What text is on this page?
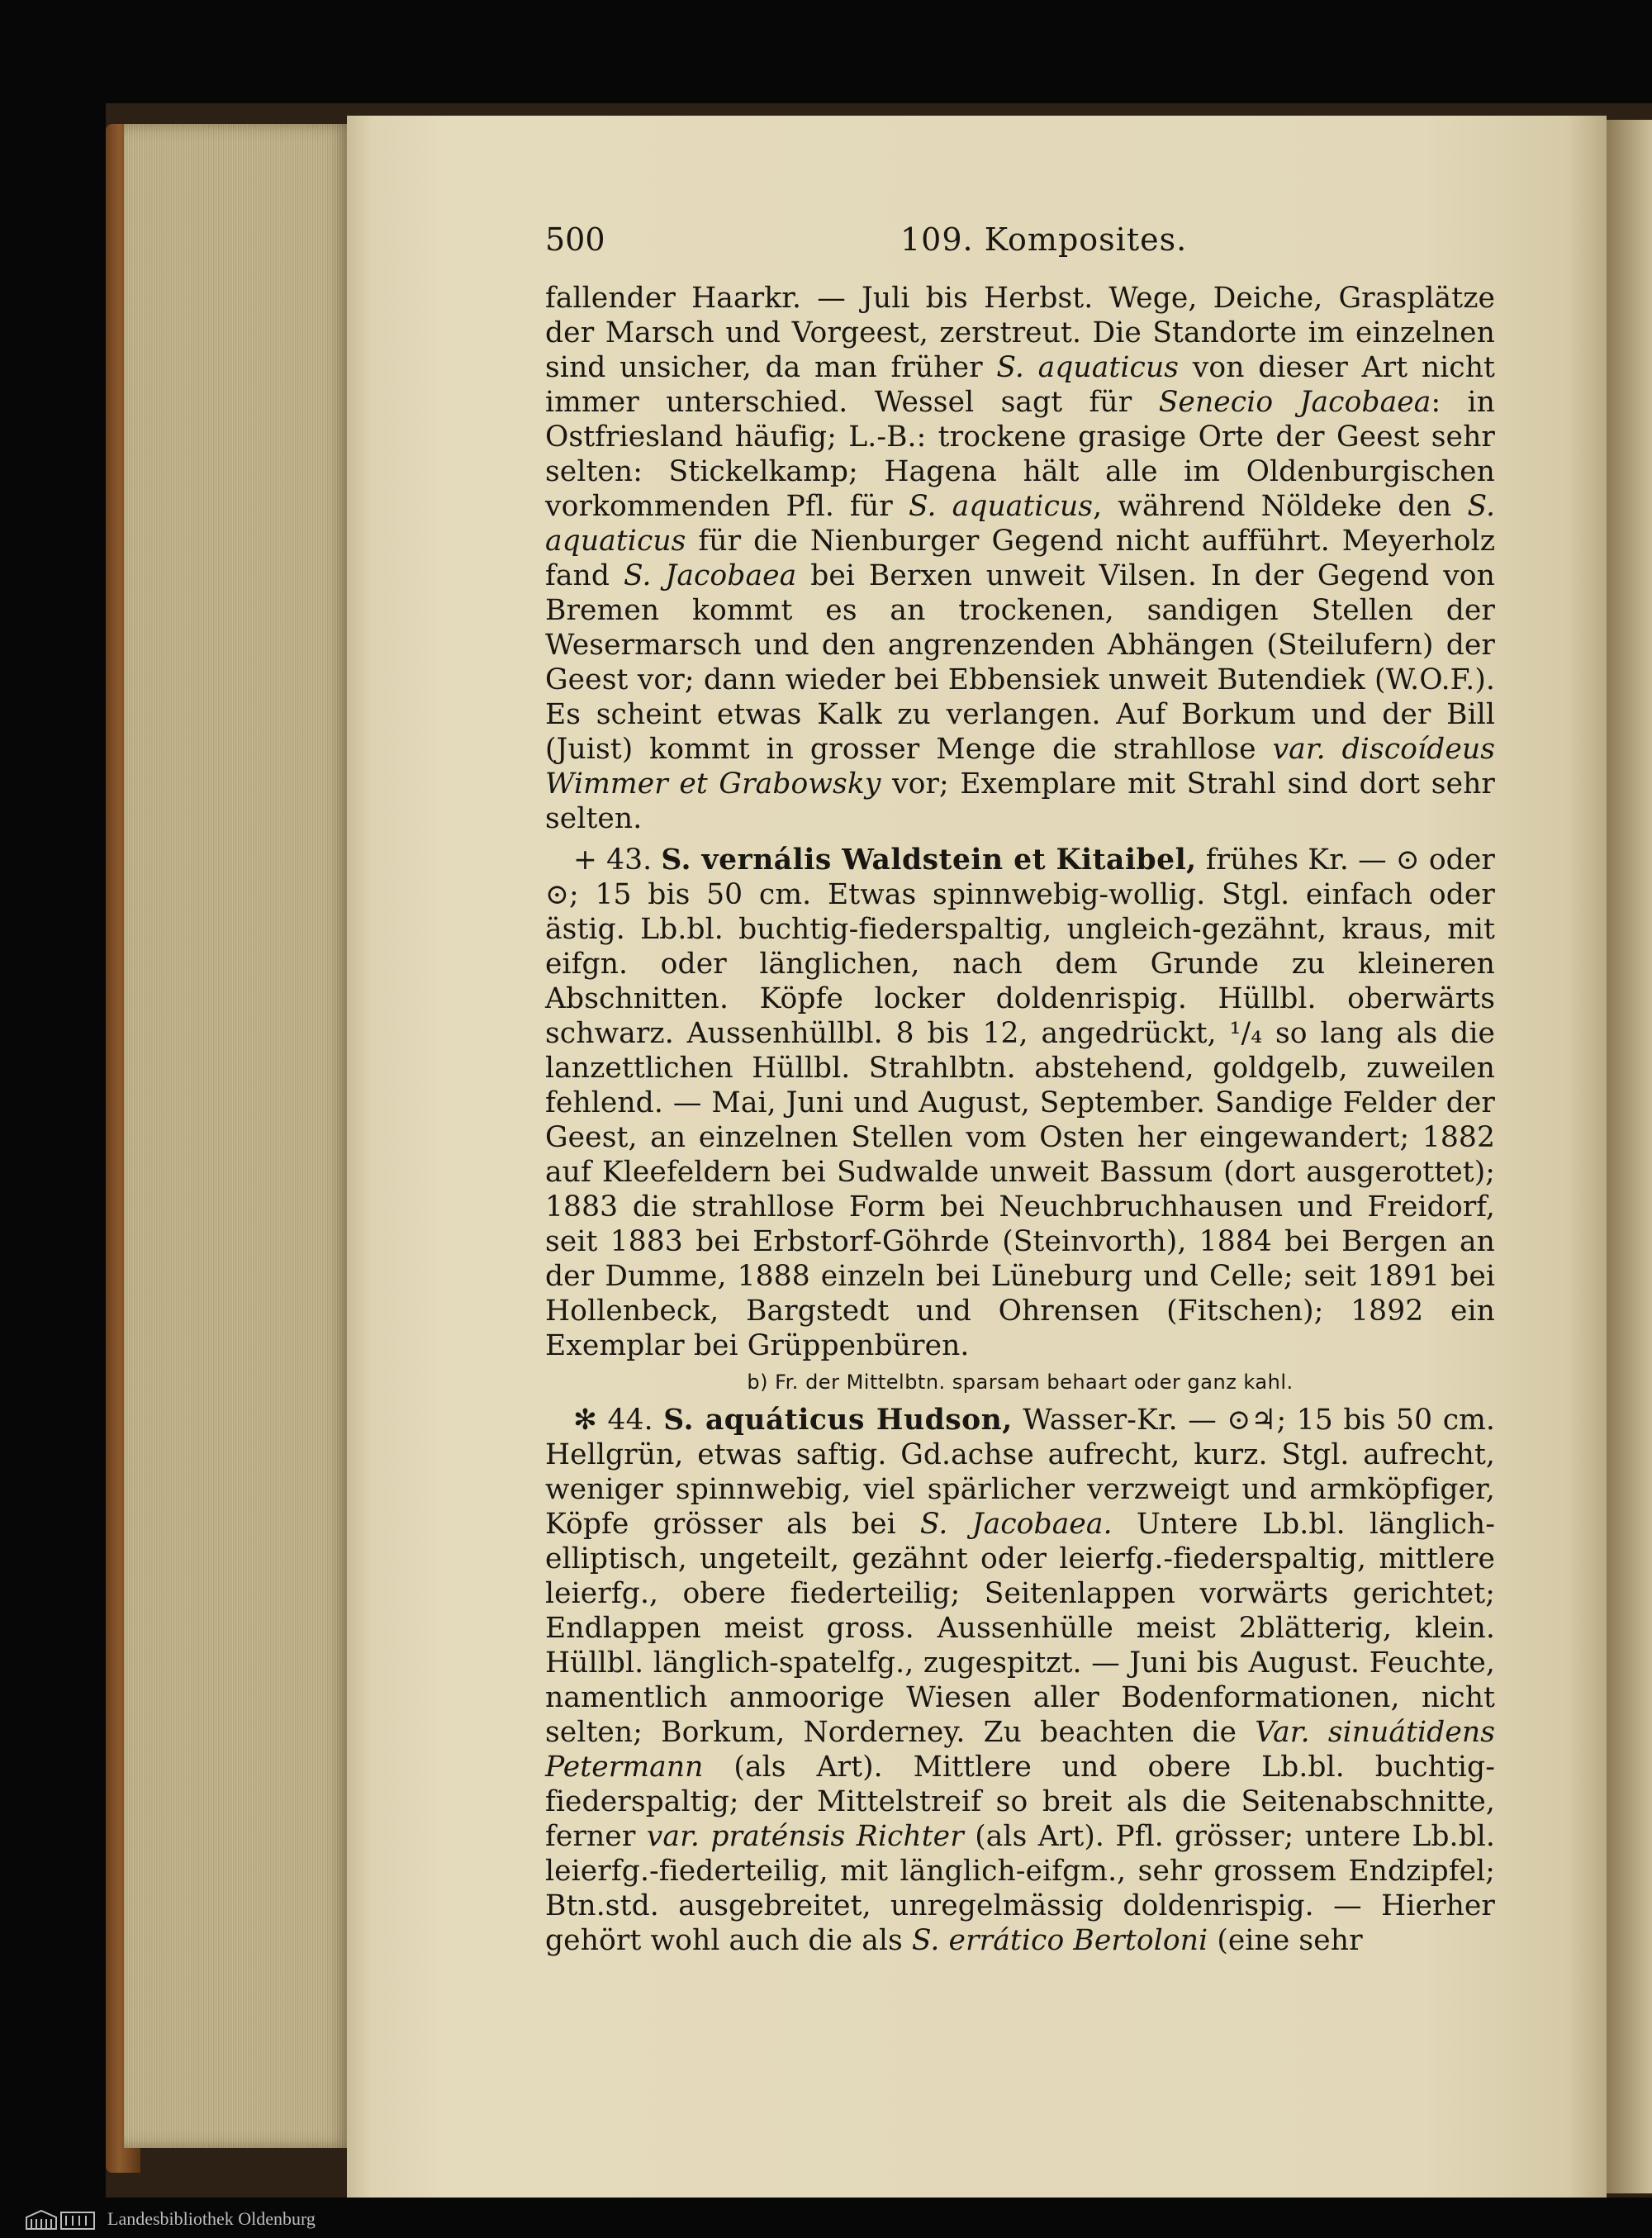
500	109. Komposites.

fallender Haarkr. — Juli bis Herbst. Wege, Deiche, Grasplätze der Marsch und Vorgeest, zerstreut. Die Standorte im einzelnen sind unsicher, da man früher S. aquaticus von dieser Art nicht immer unterschied. Wessel sagt für Senecio Jacobaea: in Ostfriesland häufig; L.-B.: trockene grasige Orte der Geest sehr selten: Stickelkamp; Hagena hält alle im Oldenburgischen vorkommenden Pfl. für S. aquaticus, während Nöldeke den S. aquaticus für die Nienburger Gegend nicht aufführt. Meyerholz fand S. Jacobaea bei Berxen unweit Vilsen. In der Gegend von Bremen kommt es an trockenen, sandigen Stellen der Wesermarsch und den angrenzenden Abhängen (Steilufern) der Geest vor; dann wieder bei Ebbensiek unweit Butendiek (W.O.F.). Es scheint etwas Kalk zu verlangen. Auf Borkum und der Bill (Juist) kommt in grosser Menge die strahllose var. discoídeus Wimmer et Grabowsky vor; Exemplare mit Strahl sind dort sehr selten.

+ 43. S. vernális Waldstein et Kitaibel, frühes Kr. — ⊙ oder ⊙; 15 bis 50 cm. Etwas spinnwebig-wollig. Stgl. einfach oder ästig. Lb.bl. buchtig-fiederspaltig, ungleich-gezähnt, kraus, mit eifgn. oder länglichen, nach dem Grunde zu kleineren Abschnitten. Köpfe locker doldenrispig. Hüllbl. oberwärts schwarz. Aussenhüllbl. 8 bis 12, angedrückt, ¹/₄ so lang als die lanzettlichen Hüllbl. Strahlbtn. abstehend, goldgelb, zuweilen fehlend. — Mai, Juni und August, September. Sandige Felder der Geest, an einzelnen Stellen vom Osten her eingewandert; 1882 auf Kleefeldern bei Sudwalde unweit Bassum (dort ausgerottet); 1883 die strahllose Form bei Neuchbruchhausen und Freidorf, seit 1883 bei Erbstorf-Göhrde (Steinvorth), 1884 bei Bergen an der Dumme, 1888 einzeln bei Lüneburg und Celle; seit 1891 bei Hollenbeck, Bargstedt und Ohrensen (Fitschen); 1892 ein Exemplar bei Grüppenbüren.

b) Fr. der Mittelbtn. sparsam behaart oder ganz kahl.

✻ 44. S. aquáticus Hudson, Wasser-Kr. — ⊙♃; 15 bis 50 cm. Hellgrün, etwas saftig. Gd.achse aufrecht, kurz. Stgl. aufrecht, weniger spinnwebig, viel spärlicher verzweigt und armköpfiger, Köpfe grösser als bei S. Jacobaea. Untere Lb.bl. länglich-elliptisch, ungeteilt, gezähnt oder leierfg.-fiederspaltig, mittlere leierfg., obere fiederteilig; Seitenlappen vorwärts gerichtet; Endlappen meist gross. Aussenhülle meist 2blätterig, klein. Hüllbl. länglich-spatelfg., zugespitzt. — Juni bis August. Feuchte, namentlich anmoorige Wiesen aller Bodenformationen, nicht selten; Borkum, Norderney. Zu beachten die Var. sinuátidens Petermann (als Art). Mittlere und obere Lb.bl. buchtig-fiederspaltig; der Mittelstreif so breit als die Seitenabschnitte, ferner var. praténsis Richter (als Art). Pfl. grösser; untere Lb.bl. leierfg.-fiederteilig, mit länglich-eifgm., sehr grossem Endzipfel; Btn.std. ausgebreitet, unregelmässig doldenrispig. — Hierher gehört wohl auch die als S. errático Bertoloni (eine sehr

Landesbibliothek Oldenburg
